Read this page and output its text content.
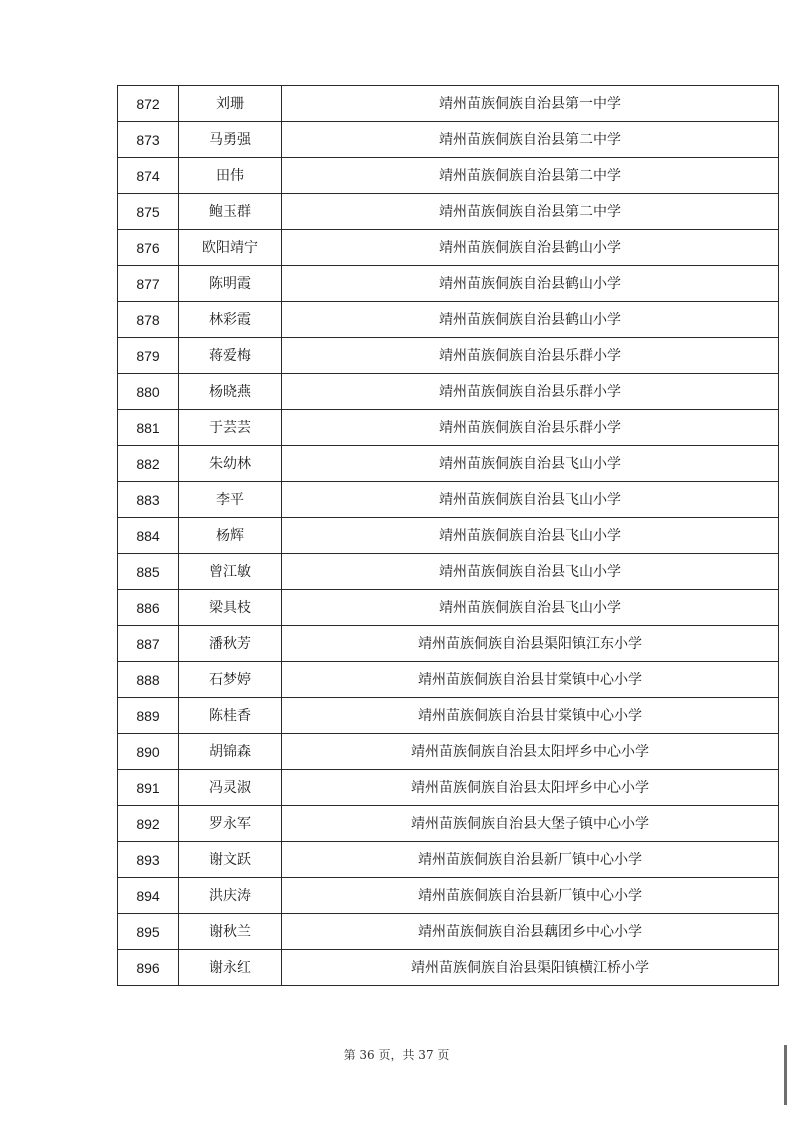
872	刘珊	靖州苗族侗族自治县第一中学
873	马勇强	靖州苗族侗族自治县第二中学
874	田伟	靖州苗族侗族自治县第二中学
875	鲍玉群	靖州苗族侗族自治县第二中学
876	欧阳靖宁	靖州苗族侗族自治县鹤山小学
877	陈明霞	靖州苗族侗族自治县鹤山小学
878	林彩霞	靖州苗族侗族自治县鹤山小学
879	蒋爱梅	靖州苗族侗族自治县乐群小学
880	杨晓燕	靖州苗族侗族自治县乐群小学
881	于芸芸	靖州苗族侗族自治县乐群小学
882	朱幼林	靖州苗族侗族自治县飞山小学
883	李平	靖州苗族侗族自治县飞山小学
884	杨辉	靖州苗族侗族自治县飞山小学
885	曾江敏	靖州苗族侗族自治县飞山小学
886	梁具枝	靖州苗族侗族自治县飞山小学
887	潘秋芳	靖州苗族侗族自治县渠阳镇江东小学
888	石梦婷	靖州苗族侗族自治县甘棠镇中心小学
889	陈桂香	靖州苗族侗族自治县甘棠镇中心小学
890	胡锦森	靖州苗族侗族自治县太阳坪乡中心小学
891	冯灵淑	靖州苗族侗族自治县太阳坪乡中心小学
892	罗永军	靖州苗族侗族自治县大堡子镇中心小学
893	谢文跃	靖州苗族侗族自治县新厂镇中心小学
894	洪庆涛	靖州苗族侗族自治县新厂镇中心小学
895	谢秋兰	靖州苗族侗族自治县藕团乡中心小学
896	谢永红	靖州苗族侗族自治县渠阳镇横江桥小学
第 36 页，共 37 页
